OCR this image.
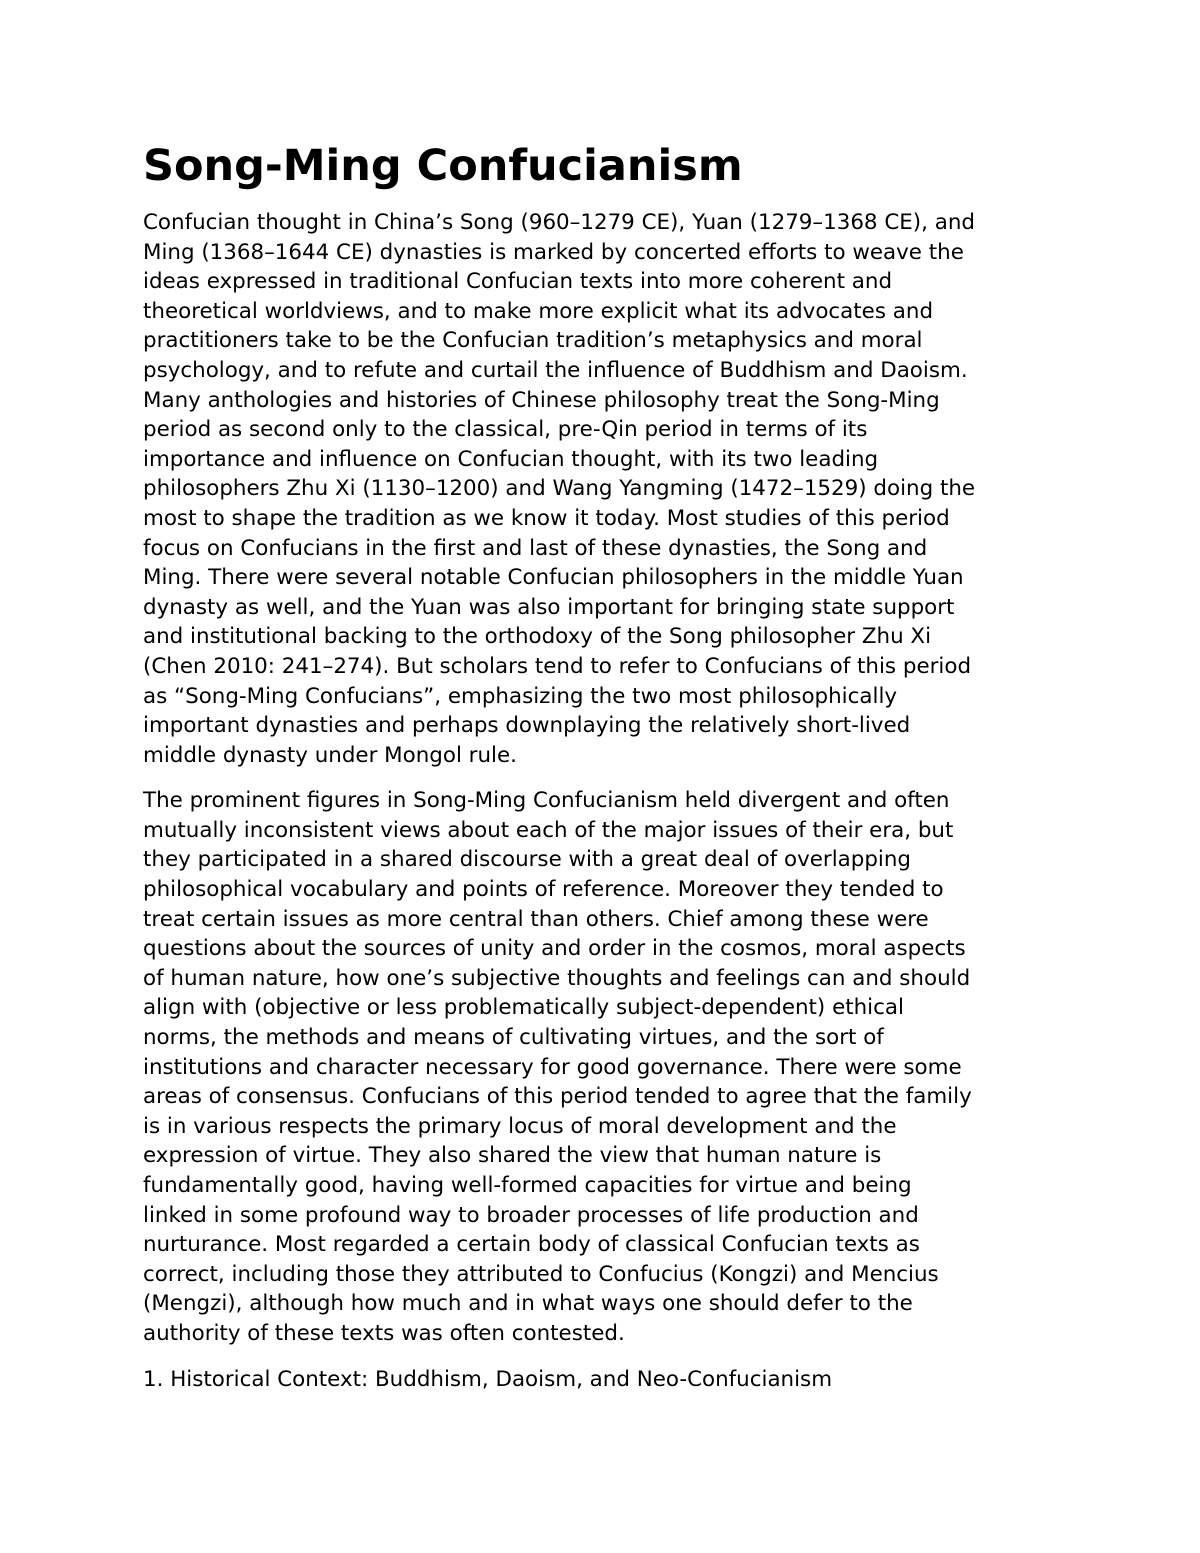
Song-Ming Confucianism

Confucian thought in China’s Song (960–1279 CE), Yuan (1279–1368 CE), and
Ming (1368–1644 CE) dynasties is marked by concerted efforts to weave the
ideas expressed in traditional Confucian texts into more coherent and
theoretical worldviews, and to make more explicit what its advocates and
practitioners take to be the Confucian tradition’s metaphysics and moral
psychology, and to refute and curtail the influence of Buddhism and Daoism.
Many anthologies and histories of Chinese philosophy treat the Song-Ming
period as second only to the classical, pre-Qin period in terms of its
importance and influence on Confucian thought, with its two leading
philosophers Zhu Xi (1130–1200) and Wang Yangming (1472–1529) doing the
most to shape the tradition as we know it today. Most studies of this period
focus on Confucians in the first and last of these dynasties, the Song and
Ming. There were several notable Confucian philosophers in the middle Yuan
dynasty as well, and the Yuan was also important for bringing state support
and institutional backing to the orthodoxy of the Song philosopher Zhu Xi
(Chen 2010: 241–274). But scholars tend to refer to Confucians of this period
as “Song-Ming Confucians”, emphasizing the two most philosophically
important dynasties and perhaps downplaying the relatively short-lived
middle dynasty under Mongol rule.

The prominent figures in Song-Ming Confucianism held divergent and often
mutually inconsistent views about each of the major issues of their era, but
they participated in a shared discourse with a great deal of overlapping
philosophical vocabulary and points of reference. Moreover they tended to
treat certain issues as more central than others. Chief among these were
questions about the sources of unity and order in the cosmos, moral aspects
of human nature, how one’s subjective thoughts and feelings can and should
align with (objective or less problematically subject-dependent) ethical
norms, the methods and means of cultivating virtues, and the sort of
institutions and character necessary for good governance. There were some
areas of consensus. Confucians of this period tended to agree that the family
is in various respects the primary locus of moral development and the
expression of virtue. They also shared the view that human nature is
fundamentally good, having well-formed capacities for virtue and being
linked in some profound way to broader processes of life production and
nurturance. Most regarded a certain body of classical Confucian texts as
correct, including those they attributed to Confucius (Kongzi) and Mencius
(Mengzi), although how much and in what ways one should defer to the
authority of these texts was often contested.

1. Historical Context: Buddhism, Daoism, and Neo-Confucianism
